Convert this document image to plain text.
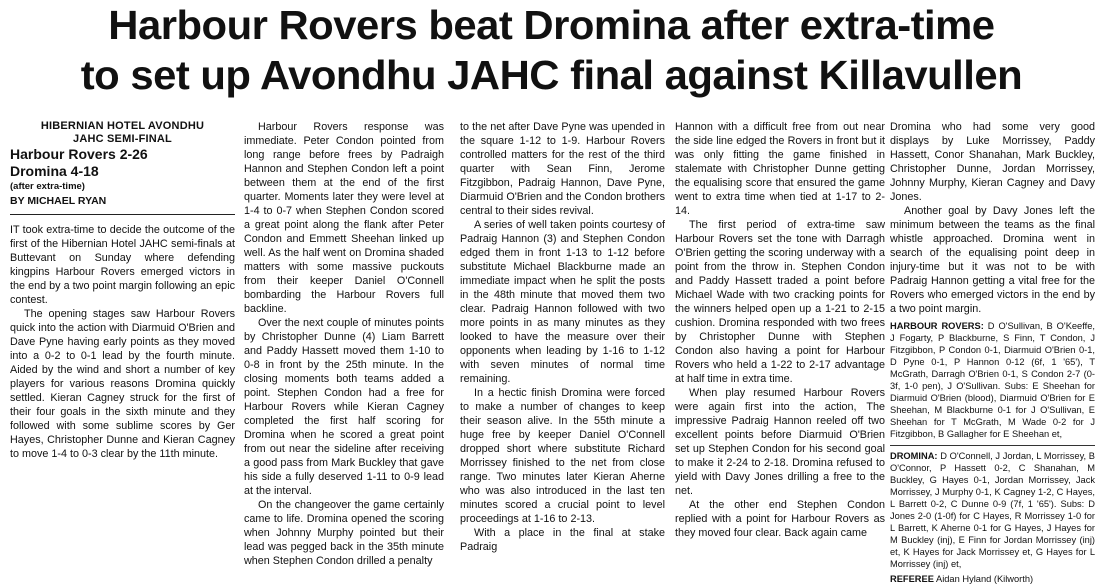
Harbour Rovers beat Dromina after extra-time
to set up Avondhu JAHC final against Killavullen

HIBERNIAN HOTEL AVONDHU

JAHC SEMI-FINAL

Harbour Rovers 2-26

Dromina 4-18

(after extra-time)

BY MICHAEL RYAN

IT took extra-time to decide the outcome of the first of the Hibernian Hotel JAHC semi-finals at Buttevant on Sunday where defending kingpins Harbour Rovers emerged victors in the end by a two point margin following an epic contest.

The opening stages saw Harbour Rovers quick into the action with Diarmuid O'Brien and Dave Pyne having early points as they moved into a 0-2 to 0-1 lead by the fourth minute. Aided by the wind and short a number of key players for various reasons Dromina quickly settled. Kieran Cagney struck for the first of their four goals in the sixth minute and they followed with some sublime scores by Ger Hayes, Christopher Dunne and Kieran Cagney to move 1-4 to 0-3 clear by the 11th minute.

Harbour Rovers response was immediate. Peter Condon pointed from long range before frees by Padraigh Hannon and Stephen Condon left a point between them at the end of the first quarter. Moments later they were level at 1-4 to 0-7 when Stephen Condon scored a great point along the flank after Peter Condon and Emmett Sheehan linked up well. As the half went on Dromina shaded matters with some massive puckouts from their keeper Daniel O'Connell bombarding the Harbour Rovers full backline.

Over the next couple of minutes points by Christopher Dunne (4) Liam Barrett and Paddy Hassett moved them 1-10 to 0-8 in front by the 25th minute. In the closing moments both teams added a point. Stephen Condon had a free for Harbour Rovers while Kieran Cagney completed the first half scoring for Dromina when he scored a great point from out near the sideline after receiving a good pass from Mark Buckley that gave his side a fully deserved 1-11 to 0-9 lead at the interval.

On the changeover the game certainly came to life. Dromina opened the scoring when Johnny Murphy pointed but their lead was pegged back in the 35th minute when Stephen Condon drilled a penalty

to the net after Dave Pyne was upended in the square 1-12 to 1-9. Harbour Rovers controlled matters for the rest of the third quarter with Sean Finn, Jerome Fitzgibbon, Padraig Hannon, Dave Pyne, Diarmuid O'Brien and the Condon brothers central to their sides revival.

A series of well taken points courtesy of Padraig Hannon (3) and Stephen Condon edged them in front 1-13 to 1-12 before substitute Michael Blackburne made an immediate impact when he split the posts in the 48th minute that moved them two clear. Padraig Hannon followed with two more points in as many minutes as they looked to have the measure over their opponents when leading by 1-16 to 1-12 with seven minutes of normal time remaining.

In a hectic finish Dromina were forced to make a number of changes to keep their season alive. In the 55th minute a huge free by keeper Daniel O'Connell dropped short where substitute Richard Morrissey finished to the net from close range. Two minutes later Kieran Aherne who was also introduced in the last ten minutes scored a crucial point to level proceedings at 1-16 to 2-13.

With a place in the final at stake Padraig

Hannon with a difficult free from out near the side line edged the Rovers in front but it was only fitting the game finished in stalemate with Christopher Dunne getting the equalising score that ensured the game went to extra time when tied at 1-17 to 2-14.

The first period of extra-time saw Harbour Rovers set the tone with Darragh O'Brien getting the scoring underway with a point from the throw in. Stephen Condon and Paddy Hassett traded a point before Michael Wade with two cracking points for the winners helped open up a 1-21 to 2-15 cushion. Dromina responded with two frees by Christopher Dunne with Stephen Condon also having a point for Harbour Rovers who held a 1-22 to 2-17 advantage at half time in extra time.

When play resumed Harbour Rovers were again first into the action, The impressive Padraig Hannon reeled off two excellent points before Diarmuid O'Brien set up Stephen Condon for his second goal to make it 2-24 to 2-18. Dromina refused to yield with Davy Jones drilling a free to the net.

At the other end Stephen Condon replied with a point for Harbour Rovers as they moved four clear. Back again came

Dromina who had some very good displays by Luke Morrissey, Paddy Hassett, Conor Shanahan, Mark Buckley, Christopher Dunne, Jordan Morrissey, Johnny Murphy, Kieran Cagney and Davy Jones.

Another goal by Davy Jones left the minimum between the teams as the final whistle approached. Dromina went in search of the equalising point deep in injury-time but it was not to be with Padraig Hannon getting a vital free for the Rovers who emerged victors in the end by a two point margin.

HARBOUR ROVERS: D O'Sullivan, B O'Keeffe, J Fogarty, P Blackburne, S Finn, T Condon, J Fitzgibbon, P Condon 0-1, Diarmuid O'Brien 0-1, D Pyne 0-1, P Hannon 0-12 (6f, 1 '65'), T McGrath, Darragh O'Brien 0-1, S Condon 2-7 (0-3f, 1-0 pen), J O'Sullivan. Subs: E Sheehan for Diarmuid O'Brien (blood), Diarmuid O'Brien for E Sheehan, M Blackburne 0-1 for J O'Sullivan, E Sheehan for T McGrath, M Wade 0-2 for J Fitzgibbon, B Gallagher for E Sheehan et,

DROMINA: D O'Connell, J Jordan, L Morrissey, B O'Connor, P Hassett 0-2, C Shanahan, M Buckley, G Hayes 0-1, Jordan Morrissey, Jack Morrissey, J Murphy 0-1, K Cagney 1-2, C Hayes, L Barrett 0-2, C Dunne 0-9 (7f, 1 '65'). Subs: D Jones 2-0 (1-0f) for C Hayes, R Morrissey 1-0 for L Barrett, K Aherne 0-1 for G Hayes, J Hayes for M Buckley (inj), E Finn for Jordan Morrissey (inj) et, K Hayes for Jack Morrissey et, G Hayes for L Morrissey (inj) et,

REFEREE Aidan Hyland (Kilworth)
